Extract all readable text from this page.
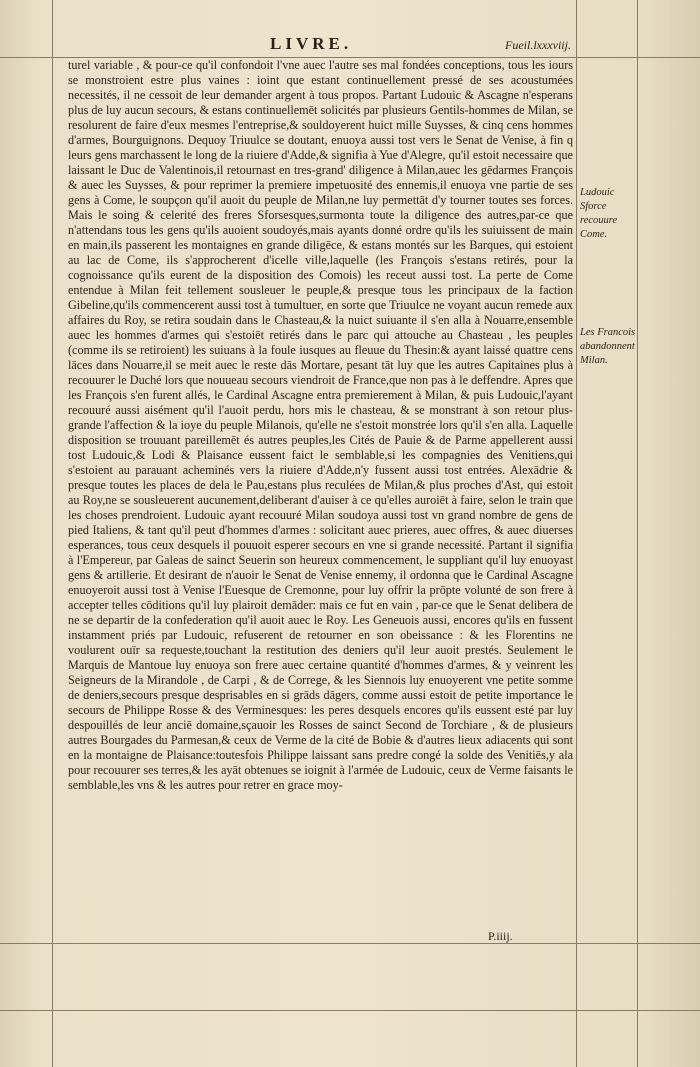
LIVRE.	Fueil.lxxxviij.

turel variable , & pour-ce qu'il confondoit l'vne auec l'autre ses mal fondées conceptions, tous les iours se monstroient estre plus vaines : ioint que estant continuellement pressé de ses acoustumées necessités, il ne cessoit de leur demander argent à tous propos. Partant Ludouic & Ascagne n'esperans plus de luy aucun secours, & estans continuellemēt solicités par plusieurs Gentils-hommes de Milan, se resolurent de faire d'eux mesmes l'entreprise,& souldoyerent huict mille Suysses, & cinq cens hommes d'armes, Bourguignons. Dequoy Triuulce se doutant, enuoya aussi tost vers le Senat de Venise, à fin q leurs gens marchassent le long de la riuiere d'Adde,& signifia à Yue d'Alegre, qu'il estoit necessaire que laissant le Duc de Valentinois,il retournast en tres-grand' diligence à Milan,auec les gēdarmes François & auec les Suysses, & pour reprimer la premiere impetuosité des ennemis,il enuoya vne partie de ses gens à Come, le soupçon qu'il auoit du peuple de Milan,ne luy permettāt d'y tourner toutes ses forces. Mais le soing & celerité des freres Sforsesques,surmonta toute la diligence des autres,par-ce que n'attendans tous les gens qu'ils auoient soudoyés,mais ayants donné ordre qu'ils les suiuissent de main en main,ils passerent les montaignes en grande diligēce, & estans montés sur les Barques, qui estoient au lac de Come, ils s'approcherent d'icelle ville,laquelle (les François s'estans retirés, pour la cognoissance qu'ils eurent de la disposition des Comois) les receut aussi tost. La perte de Come entendue à Milan feit tellement sousleuer le peuple,& presque tous les principaux de la faction Gibeline,qu'ils commencerent aussi tost à tumultuer, en sorte que Triuulce ne voyant aucun remede aux affaires du Roy, se retira soudain dans le Chasteau,& la nuict suiuante il s'en alla à Nouarre,ensemble auec les hommes d'armes qui s'estoiēt retirés dans le parc qui attouche au Chasteau , les peuples (comme ils se retiroient) les suiuans à la foule iusques au fleuue du Thesin:& ayant laissé quattre cens lāces dans Nouarre,il se meit auec le reste dās Mortare, pesant tāt luy que les autres Capitaines plus à recouurer le Duché lors que nouueau secours viendroit de France,que non pas à le deffendre. Apres que les François s'en furent allés, le Cardinal Ascagne entra premierement à Milan, & puis Ludouic,l'ayant recouuré aussi aisément qu'il l'auoit perdu, hors mis le chasteau, & se monstrant à son retour plus-grande l'affection & la ioye du peuple Milanois, qu'elle ne s'estoit monstrée lors qu'il s'en alla. Laquelle disposition se trouuant pareillemēt és autres peuples,les Cités de Pauie & de Parme appellerent aussi tost Ludouic,& Lodi & Plaisance eussent faict le semblable,si les compagnies des Venitiens,qui s'estoient au parauant acheminés vers la riuiere d'Adde,n'y fussent aussi tost entrées. Alexādrie & presque toutes les places de dela le Pau,estans plus reculées de Milan,& plus proches d'Ast, qui estoit au Roy,ne se sousleuerent aucunement,deliberant d'auiser à ce qu'elles auroiēt à faire, selon le train que les choses prendroient. Ludouic ayant recouuré Milan soudoya aussi tost vn grand nombre de gens de pied Italiens, & tant qu'il peut d'hommes d'armes : solicitant auec prieres, auec offres, & auec diuerses esperances, tous ceux desquels il pouuoit esperer secours en vne si grande necessité. Partant il signifia à l'Empereur, par Galeas de sainct Seuerin son heureux commencement, le suppliant qu'il luy enuoyast gens & artillerie. Et desirant de n'auoir le Senat de Venise ennemy, il ordonna que le Cardinal Ascagne enuoyeroit aussi tost à Venise l'Euesque de Cremonne, pour luy offrir la prōpte volunté de son frere à accepter telles cōditions qu'il luy plairoit demāder: mais ce fut en vain , par-ce que le Senat delibera de ne se departir de la confederation qu'il auoit auec le Roy. Les Geneuois aussi, encores qu'ils en fussent instamment priés par Ludouic, refuserent de retourner en son obeissance : & les Florentins ne voulurent ouïr sa requeste,touchant la restitution des deniers qu'il leur auoit prestés. Seulement le Marquis de Mantoue luy enuoya son frere auec certaine quantité d'hommes d'armes, & y veinrent les Seigneurs de la Mirandole , de Carpi , & de Correge, & les Siennois luy enuoyerent vne petite somme de deniers,secours presque desprisables en si grāds dāgers, comme aussi estoit de petite importance le secours de Philippe Rosse & des Verminesques: les peres desquels encores qu'ils eussent esté par luy despouillés de leur anciē domaine,sçauoir les Rosses de sainct Second de Torchiare , & de plusieurs autres Bourgades du Parmesan,& ceux de Verme de la cité de Bobie & d'autres lieux adiacents qui sont en la montaigne de Plaisance:toutesfois Philippe laissant sans predre congé la solde des Venitiēs,y ala pour recouurer ses terres,& les ayāt obtenues se ioignit à l'armée de Ludouic, ceux de Verme faisants le semblable,les vns & les autres pour retrer en grace moy-

Ludouic Sforce recouure Come.
Les Francois abandonnent Milan.
P.iiij.
